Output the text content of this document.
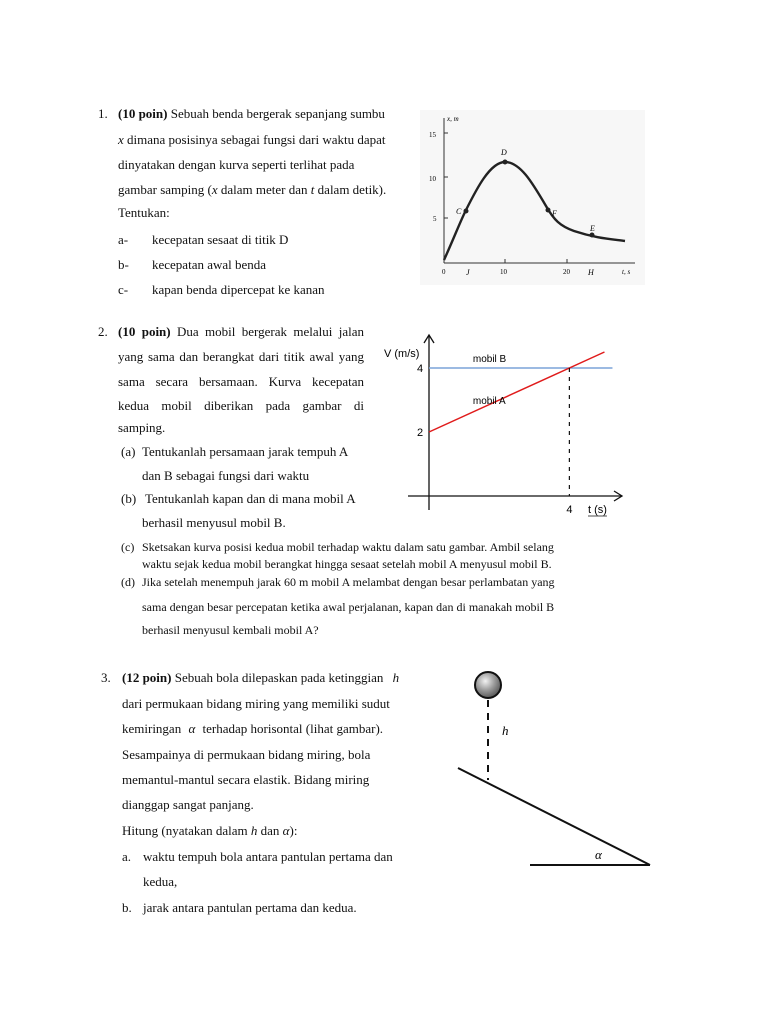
1. (10 poin) Sebuah benda bergerak sepanjang sumbu
x dimana posisinya sebagai fungsi dari waktu dapat
dinyatakan dengan kurva seperti terlihat pada
gambar samping (x dalam meter dan t dalam detik).
Tentukan:
a- kecepatan sesaat di titik D
b- kecepatan awal benda
c- kapan benda dipercepat ke kanan
x, m
t, s
15
10
5
0	10	20
C
D
F
E
J	H
2. (10 poin) Dua mobil bergerak melalui jalan
yang sama dan berangkat dari titik awal yang
sama secara bersamaan. Kurva kecepatan
kedua mobil diberikan pada gambar di
samping.
(a) Tentukanlah persamaan jarak tempuh A
dan B sebagai fungsi dari waktu
(b) Tentukanlah kapan dan di mana mobil A
berhasil menyusul mobil B.
(c) Sketsakan kurva posisi kedua mobil terhadap waktu dalam satu gambar. Ambil selang
waktu sejak kedua mobil berangkat hingga sesaat setelah mobil A menyusul mobil B.
(d) Jika setelah menempuh jarak 60 m mobil A melambat dengan besar perlambatan yang
sama dengan besar percepatan ketika awal perjalanan, kapan dan di manakah mobil B
berhasil menyusul kembali mobil A?
V (m/s)
t (s)
4
2
4
mobil B
mobil A
3. (12 poin) Sebuah bola dilepaskan pada ketinggian h
dari permukaan bidang miring yang memiliki sudut
kemiringan α terhadap horisontal (lihat gambar).
Sesampainya di permukaan bidang miring, bola
memantul-mantul secara elastik. Bidang miring
dianggap sangat panjang.
Hitung (nyatakan dalam h dan α):
a. waktu tempuh bola antara pantulan pertama dan
kedua,
b. jarak antara pantulan pertama dan kedua.
h
α
